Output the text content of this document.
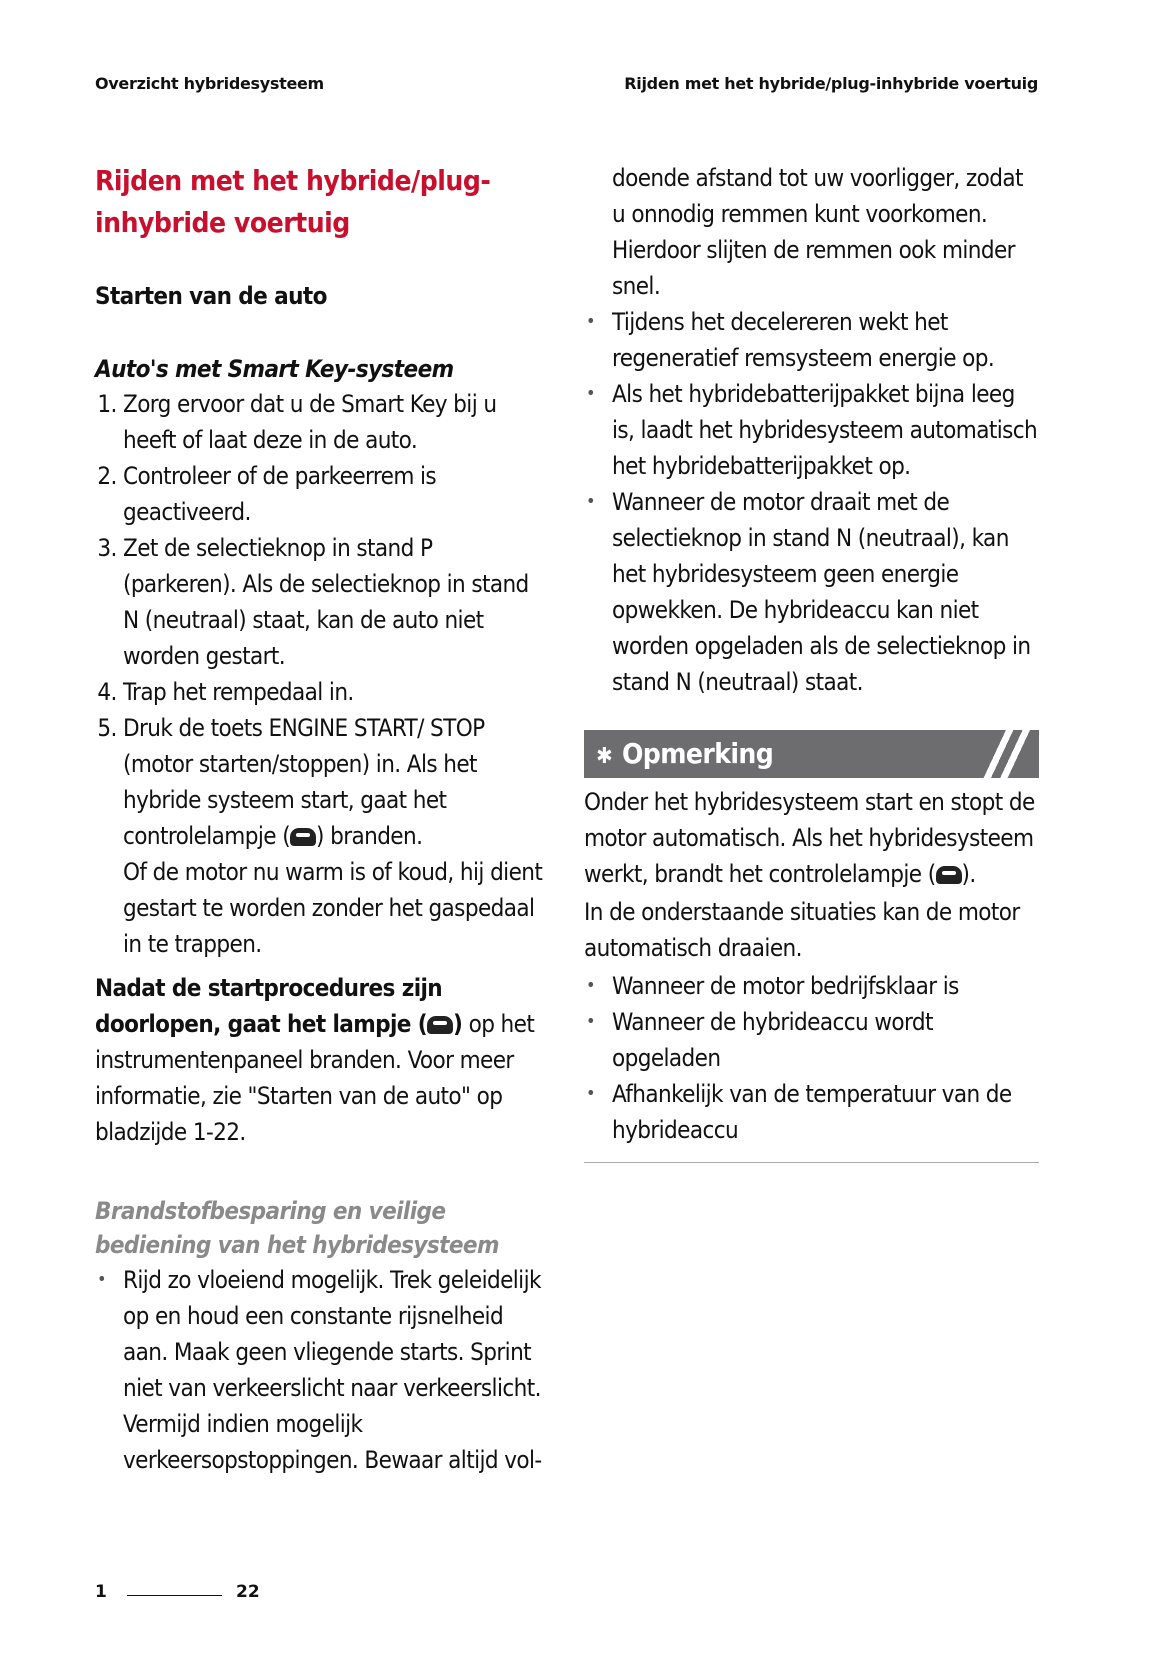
Overzicht hybridesysteem	Rijden met het hybride/plug-inhybride voertuig
Rijden met het hybride/plug-inhybride voertuig
Starten van de auto
Auto's met Smart Key-systeem
1. Zorg ervoor dat u de Smart Key bij u heeft of laat deze in de auto.
2. Controleer of de parkeerrem is geactiveerd.
3. Zet de selectieknop in stand P (parkeren). Als de selectieknop in stand N (neutraal) staat, kan de auto niet worden gestart.
4. Trap het rempedaal in.
5. Druk de toets ENGINE START/ STOP (motor starten/stoppen) in. Als het hybride systeem start, gaat het controlelampje ( ) branden.
Of de motor nu warm is of koud, hij dient gestart te worden zonder het gaspedaal in te trappen.

Nadat de startprocedures zijn doorlopen, gaat het lampje ( ) op het instrumentenpaneel branden. Voor meer informatie, zie "Starten van de auto" op bladzijde 1-22.

Brandstofbesparing en veilige bediening van het hybridesysteem
• Rijd zo vloeiend mogelijk. Trek geleidelijk op en houd een constante rijsnelheid aan. Maak geen vliegende starts. Sprint niet van verkeerslicht naar verkeerslicht. Vermijd indien mogelijk verkeersopstoppingen. Bewaar altijd vol-
doende afstand tot uw voorligger, zodat u onnodig remmen kunt voorkomen. Hierdoor slijten de remmen ook minder snel.
• Tijdens het decelereren wekt het regeneratief remsysteem energie op.
• Als het hybridebatterijpakket bijna leeg is, laadt het hybridesysteem automatisch het hybridebatterijpakket op.
• Wanneer de motor draait met de selectieknop in stand N (neutraal), kan het hybridesysteem geen energie opwekken. De hybrideaccu kan niet worden opgeladen als de selectieknop in stand N (neutraal) staat.
✱ Opmerking

Onder het hybridesysteem start en stopt de motor automatisch. Als het hybridesysteem werkt, brandt het controlelampje ( ).

In de onderstaande situaties kan de motor automatisch draaien.

• Wanneer de motor bedrijfsklaar is
• Wanneer de hybrideaccu wordt opgeladen
• Afhankelijk van de temperatuur van de hybrideaccu
1	22
